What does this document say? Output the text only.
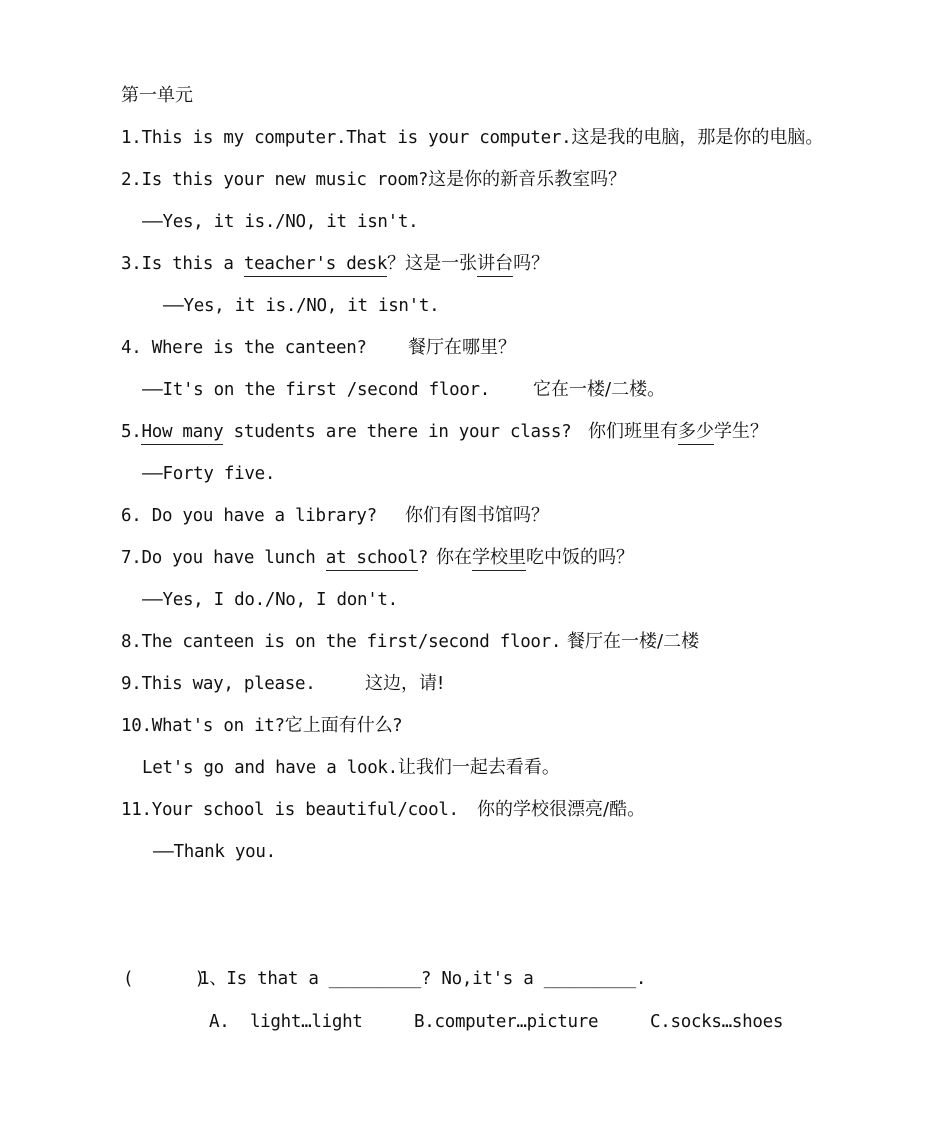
第一单元
1.This is my computer.That is your computer.这是我的电脑，那是你的电脑。
2.Is this your new music room?这是你的新音乐教室吗？
——Yes, it is./NO, it isn't.
3.Is this a teacher's desk？这是一张讲台吗？
——Yes, it is./NO, it isn't.
4. Where is the canteen? 餐厅在哪里？
——It's on the first /second floor. 它在一楼/二楼。
5.How many students are there in your class? 你们班里有多少学生？
——Forty five.
6. Do you have a library? 你们有图书馆吗？
7.Do you have lunch at school? 你在学校里吃中饭的吗？
——Yes, I do./No, I don't.
8.The canteen is on the first/second floor. 餐厅在一楼/二楼
9.This way, please.	这边，请!
10.What's on it?它上面有什么?
Let's go and have a look.让我们一起去看看。
11.Your school is beautiful/cool. 你的学校很漂亮/酷。
——Thank you.
(      )
1、Is that a _________? No,it's a _________.
A.  light…light	B.computer…picture	C.socks…shoes
